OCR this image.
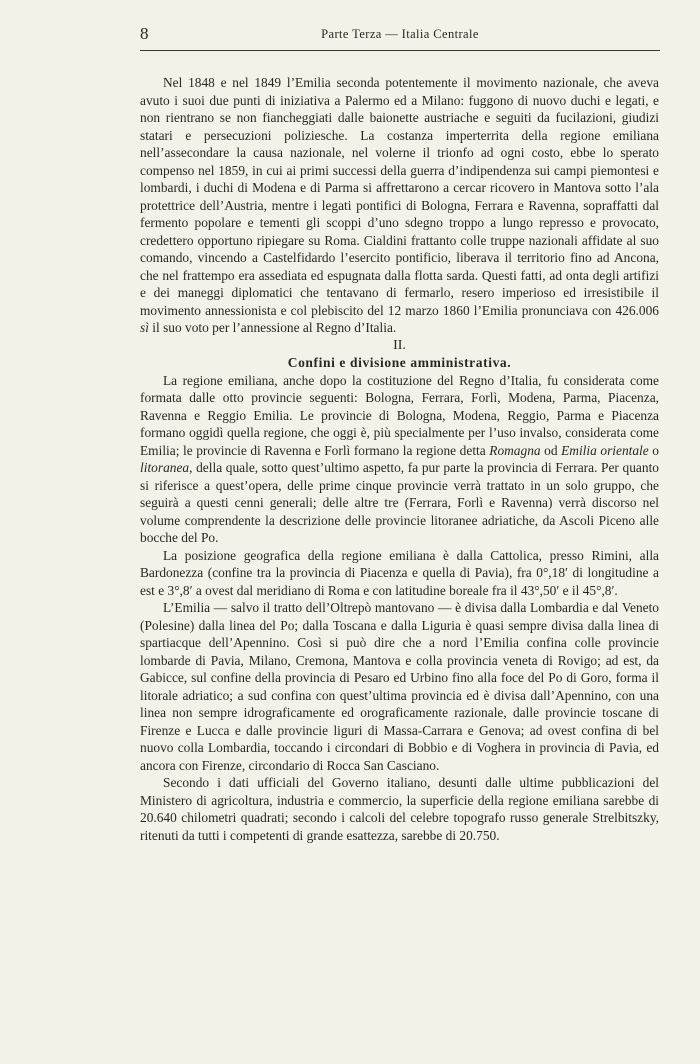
8	Parte Terza — Italia Centrale

Nel 1848 e nel 1849 l’Emilia seconda potentemente il movimento nazionale, che aveva avuto i suoi due punti di iniziativa a Palermo ed a Milano: fuggono di nuovo duchi e legati, e non rientrano se non fiancheggiati dalle baionette austriache e seguiti da fucilazioni, giudizi statari e persecuzioni poliziesche. La costanza imperterrita della regione emiliana nell’assecondare la causa nazionale, nel volerne il trionfo ad ogni costo, ebbe lo sperato compenso nel 1859, in cui ai primi successi della guerra d’indipendenza sui campi piemontesi e lombardi, i duchi di Modena e di Parma si affrettarono a cercar ricovero in Mantova sotto l’ala protettrice dell’Austria, mentre i legati pontifici di Bologna, Ferrara e Ravenna, sopraffatti dal fermento popolare e tementi gli scoppi d’uno sdegno troppo a lungo represso e provocato, credettero opportuno ripiegare su Roma. Cialdini frattanto colle truppe nazionali affidate al suo comando, vincendo a Castelfidardo l’esercito pontificio, liberava il territorio fino ad Ancona, che nel frattempo era assediata ed espugnata dalla flotta sarda. Questi fatti, ad onta degli artifizi e dei maneggi diplomatici che tentavano di fermarlo, resero imperioso ed irresistibile il movimento annessionista e col plebiscito del 12 marzo 1860 l’Emilia pronunciava con 426.006 sì il suo voto per l’annessione al Regno d’Italia.

II.

Confini e divisione amministrativa.

La regione emiliana, anche dopo la costituzione del Regno d’Italia, fu considerata come formata dalle otto provincie seguenti: Bologna, Ferrara, Forlì, Modena, Parma, Piacenza, Ravenna e Reggio Emilia. Le provincie di Bologna, Modena, Reggio, Parma e Piacenza formano oggidì quella regione, che oggi è, più specialmente per l’uso invalso, considerata come Emilia; le provincie di Ravenna e Forlì formano la regione detta Romagna od Emilia orientale o litoranea, della quale, sotto quest’ultimo aspetto, fa pur parte la provincia di Ferrara. Per quanto si riferisce a quest’opera, delle prime cinque provincie verrà trattato in un solo gruppo, che seguirà a questi cenni generali; delle altre tre (Ferrara, Forlì e Ravenna) verrà discorso nel volume comprendente la descrizione delle provincie litoranee adriatiche, da Ascoli Piceno alle bocche del Po.

La posizione geografica della regione emiliana è dalla Cattolica, presso Rimini, alla Bardonezza (confine tra la provincia di Piacenza e quella di Pavia), fra 0°,18′ di longitudine a est e 3°,8′ a ovest dal meridiano di Roma e con latitudine boreale fra il 43°,50′ e il 45°,8′.

L’Emilia — salvo il tratto dell’Oltrepò mantovano — è divisa dalla Lombardia e dal Veneto (Polesine) dalla linea del Po; dalla Toscana e dalla Liguria è quasi sempre divisa dalla linea di spartiacque dell’Apennino. Così si può dire che a nord l’Emilia confina colle provincie lombarde di Pavia, Milano, Cremona, Mantova e colla provincia veneta di Rovigo; ad est, da Gabicce, sul confine della provincia di Pesaro ed Urbino fino alla foce del Po di Goro, forma il litorale adriatico; a sud confina con quest’ultima provincia ed è divisa dall’Apennino, con una linea non sempre idrograficamente ed orograficamente razionale, dalle provincie toscane di Firenze e Lucca e dalle provincie liguri di Massa-Carrara e Genova; ad ovest confina di bel nuovo colla Lombardia, toccando i circondari di Bobbio e di Voghera in provincia di Pavia, ed ancora con Firenze, circondario di Rocca San Casciano.

Secondo i dati ufficiali del Governo italiano, desunti dalle ultime pubblicazioni del Ministero di agricoltura, industria e commercio, la superficie della regione emiliana sarebbe di 20.640 chilometri quadrati; secondo i calcoli del celebre topografo russo generale Strelbitszky, ritenuti da tutti i competenti di grande esattezza, sarebbe di 20.750.
